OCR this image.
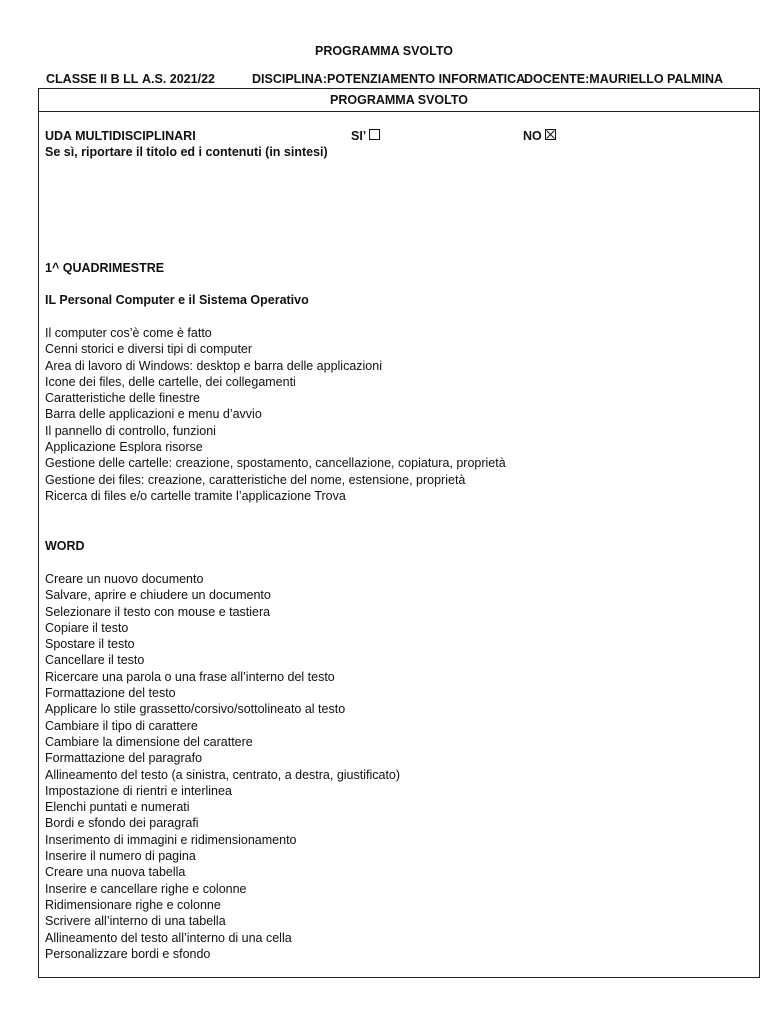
PROGRAMMA SVOLTO
CLASSE II B LL A.S. 2021/22	DISCIPLINA:POTENZIAMENTO INFORMATICA
DOCENTE:MAURIELLO PALMINA
PROGRAMMA SVOLTO
UDA MULTIDISCIPLINARI	SI’	NO
Se sì, riportare il titolo ed i contenuti (in sintesi)
1^ QUADRIMESTRE
IL Personal Computer e il Sistema Operativo
Il computer cos’è come è fatto
Cenni storici e diversi tipi di computer
Area di lavoro di Windows: desktop e barra delle applicazioni
Icone dei files, delle cartelle, dei collegamenti
Caratteristiche delle finestre
Barra delle applicazioni e menu d’avvio
Il pannello di controllo, funzioni
Applicazione Esplora risorse
Gestione delle cartelle: creazione, spostamento, cancellazione, copiatura, proprietà
Gestione dei files: creazione, caratteristiche del nome, estensione, proprietà
Ricerca di files e/o cartelle tramite l’applicazione Trova
WORD
Creare un nuovo documento
Salvare, aprire e chiudere un documento
Selezionare il testo con mouse e tastiera
Copiare il testo
Spostare il testo
Cancellare il testo
Ricercare una parola o una frase all’interno del testo
Formattazione del testo
Applicare lo stile grassetto/corsivo/sottolineato al testo
Cambiare il tipo di carattere
Cambiare la dimensione del carattere
Formattazione del paragrafo
Allineamento del testo (a sinistra, centrato, a destra, giustificato)
Impostazione di rientri e interlinea
Elenchi puntati e numerati
Bordi e sfondo dei paragrafi
Inserimento di immagini e ridimensionamento
Inserire il numero di pagina
Creare una nuova tabella
Inserire e cancellare righe e colonne
Ridimensionare righe e colonne
Scrivere all’interno di una tabella
Allineamento del testo all’interno di una cella
Personalizzare bordi e sfondo
